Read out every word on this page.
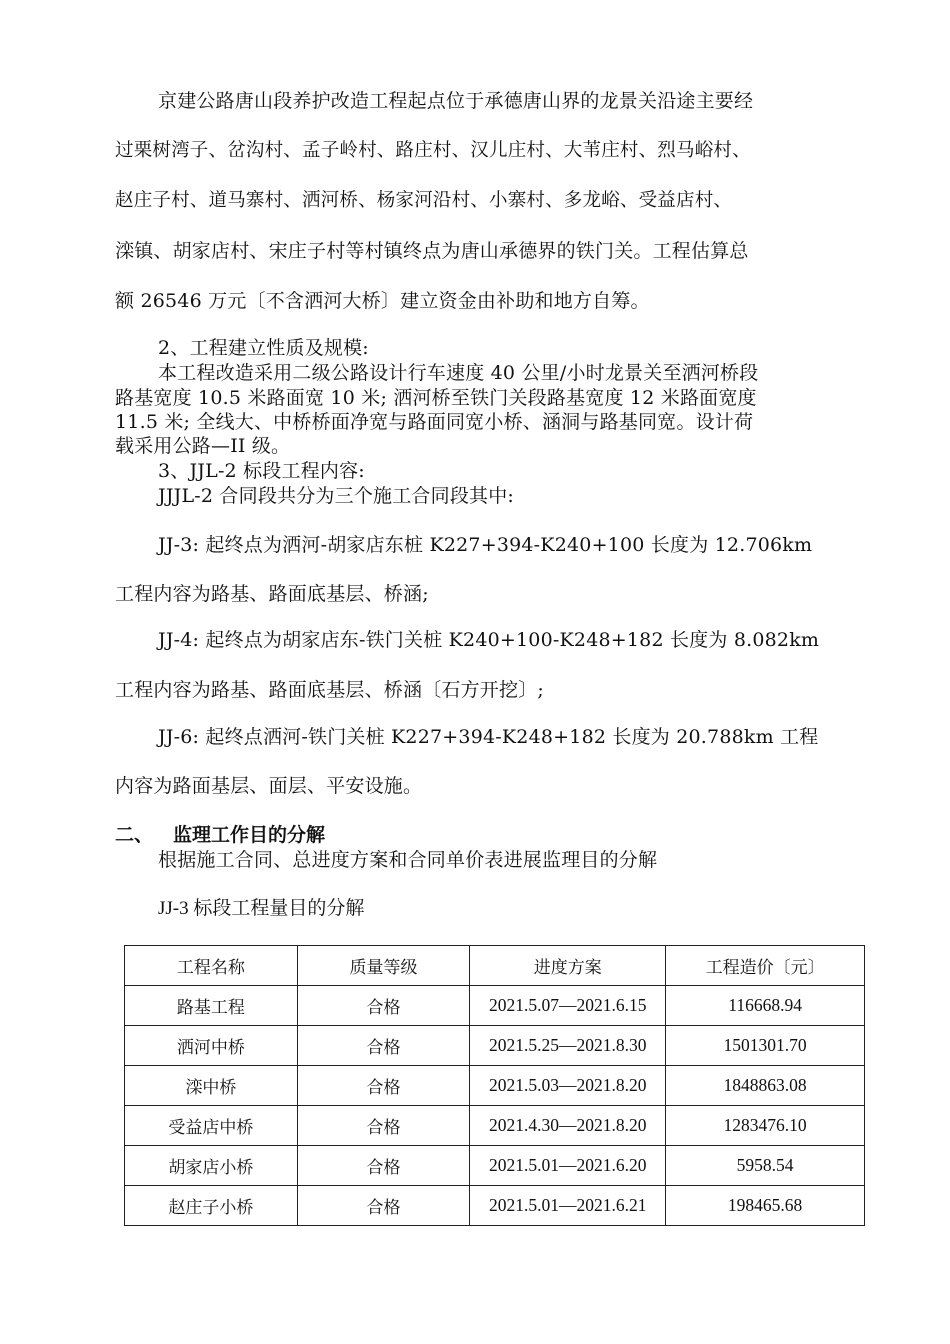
京建公路唐山段养护改造工程起点位于承德唐山界的龙景关沿途主要经
过栗树湾子、岔沟村、孟子岭村、路庄村、汉儿庄村、大苇庄村、烈马峪村、
赵庄子村、道马寨村、洒河桥、杨家河沿村、小寨村、多龙峪、受益店村、
滦镇、胡家店村、宋庄子村等村镇终点为唐山承德界的铁门关。工程估算总
额 26546 万元〔不含洒河大桥〕建立资金由补助和地方自筹。
2、工程建立性质及规模:
本工程改造采用二级公路设计行车速度 40 公里/小时龙景关至洒河桥段
路基宽度 10.5 米路面宽 10 米; 洒河桥至铁门关段路基宽度 12 米路面宽度
11.5 米; 全线大、中桥桥面净宽与路面同宽小桥、涵洞与路基同宽。设计荷
载采用公路—II 级。
3、JJL-2 标段工程内容:
JJJL-2 合同段共分为三个施工合同段其中:
JJ-3: 起终点为洒河-胡家店东桩 K227+394-K240+100 长度为 12.706km
工程内容为路基、路面底基层、桥涵;
JJ-4: 起终点为胡家店东-铁门关桩 K240+100-K248+182 长度为 8.082km
工程内容为路基、路面底基层、桥涵〔石方开挖〕;
JJ-6: 起终点洒河-铁门关桩 K227+394-K248+182 长度为 20.788km 工程
内容为路面基层、面层、平安设施。
二、 监理工作目的分解
根据施工合同、总进度方案和合同单价表进展监理目的分解
JJ-3 标段工程量目的分解
工程名称	质量等级	进度方案	工程造价〔元〕
路基工程	合格	2021.5.07—2021.6.15	116668.94
洒河中桥	合格	2021.5.25—2021.8.30	1501301.70
滦中桥	合格	2021.5.03—2021.8.20	1848863.08
受益店中桥	合格	2021.4.30—2021.8.20	1283476.10
胡家店小桥	合格	2021.5.01—2021.6.20	5958.54
赵庄子小桥	合格	2021.5.01—2021.6.21	198465.68
